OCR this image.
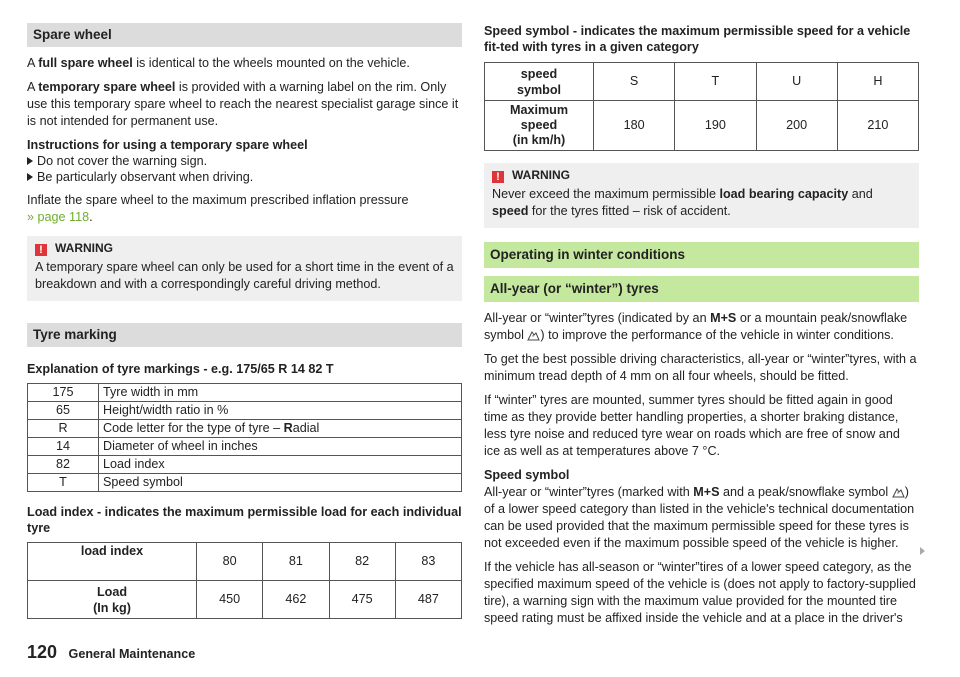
Spare wheel

A full spare wheel is identical to the wheels mounted on the vehicle.

A temporary spare wheel is provided with a warning label on the rim. Only use this temporary spare wheel to reach the nearest specialist garage since it is not intended for permanent use.

Instructions for using a temporary spare wheel
Do not cover the warning sign.
Be particularly observant when driving.

Inflate the spare wheel to the maximum prescribed inflation pressure
» page 118.

! WARNING
A temporary spare wheel can only be used for a short time in the event of a breakdown and with a correspondingly careful driving method.
Tyre marking
Explanation of tyre markings - e.g. 175/65 R 14 82 T
175	Tyre width in mm
65	Height/width ratio in %
R	Code letter for the type of tyre – Radial
14	Diameter of wheel in inches
82	Load index
T	Speed symbol
Load index - indicates the maximum permissible load for each individual tyre
load index	80	81	82	83
Load
(In kg)	450	462	475	487
Speed symbol - indicates the maximum permissible speed for a vehicle fit-ted with tyres in a given category
speed
symbol	S	T	U	H
Maximum
speed
(in km/h)	180	190	200	210
! WARNING
Never exceed the maximum permissible load bearing capacity and speed for the tyres fitted – risk of accident.
Operating in winter conditions
All-year (or “winter”) tyres

All-year or “winter”tyres (indicated by an M+S or a mountain peak/snowflake symbol * ) to improve the performance of the vehicle in winter conditions.

To get the best possible driving characteristics, all-year or “winter”tyres, with a minimum tread depth of 4 mm on all four wheels, should be fitted.

If “winter” tyres are mounted, summer tyres should be fitted again in good time as they provide better handling properties, a shorter braking distance, less tyre noise and reduced tyre wear on roads which are free of snow and ice as well as at temperatures above 7 °C.

Speed symbol

All-year or “winter”tyres (marked with M+S and a peak/snowflake symbol * ) of a lower speed category than listed in the vehicle's technical documentation can be used provided that the maximum permissible speed for these tyres is not exceeded even if the maximum possible speed of the vehicle is higher.

If the vehicle has all-season or “winter”tires of a lower speed category, as the specified maximum speed of the vehicle is (does not apply to factory-supplied tire), a warning sign with the maximum value provided for the mounted tire speed rating must be affixed inside the vehicle and at a place in the driver's

120 General Maintenance
